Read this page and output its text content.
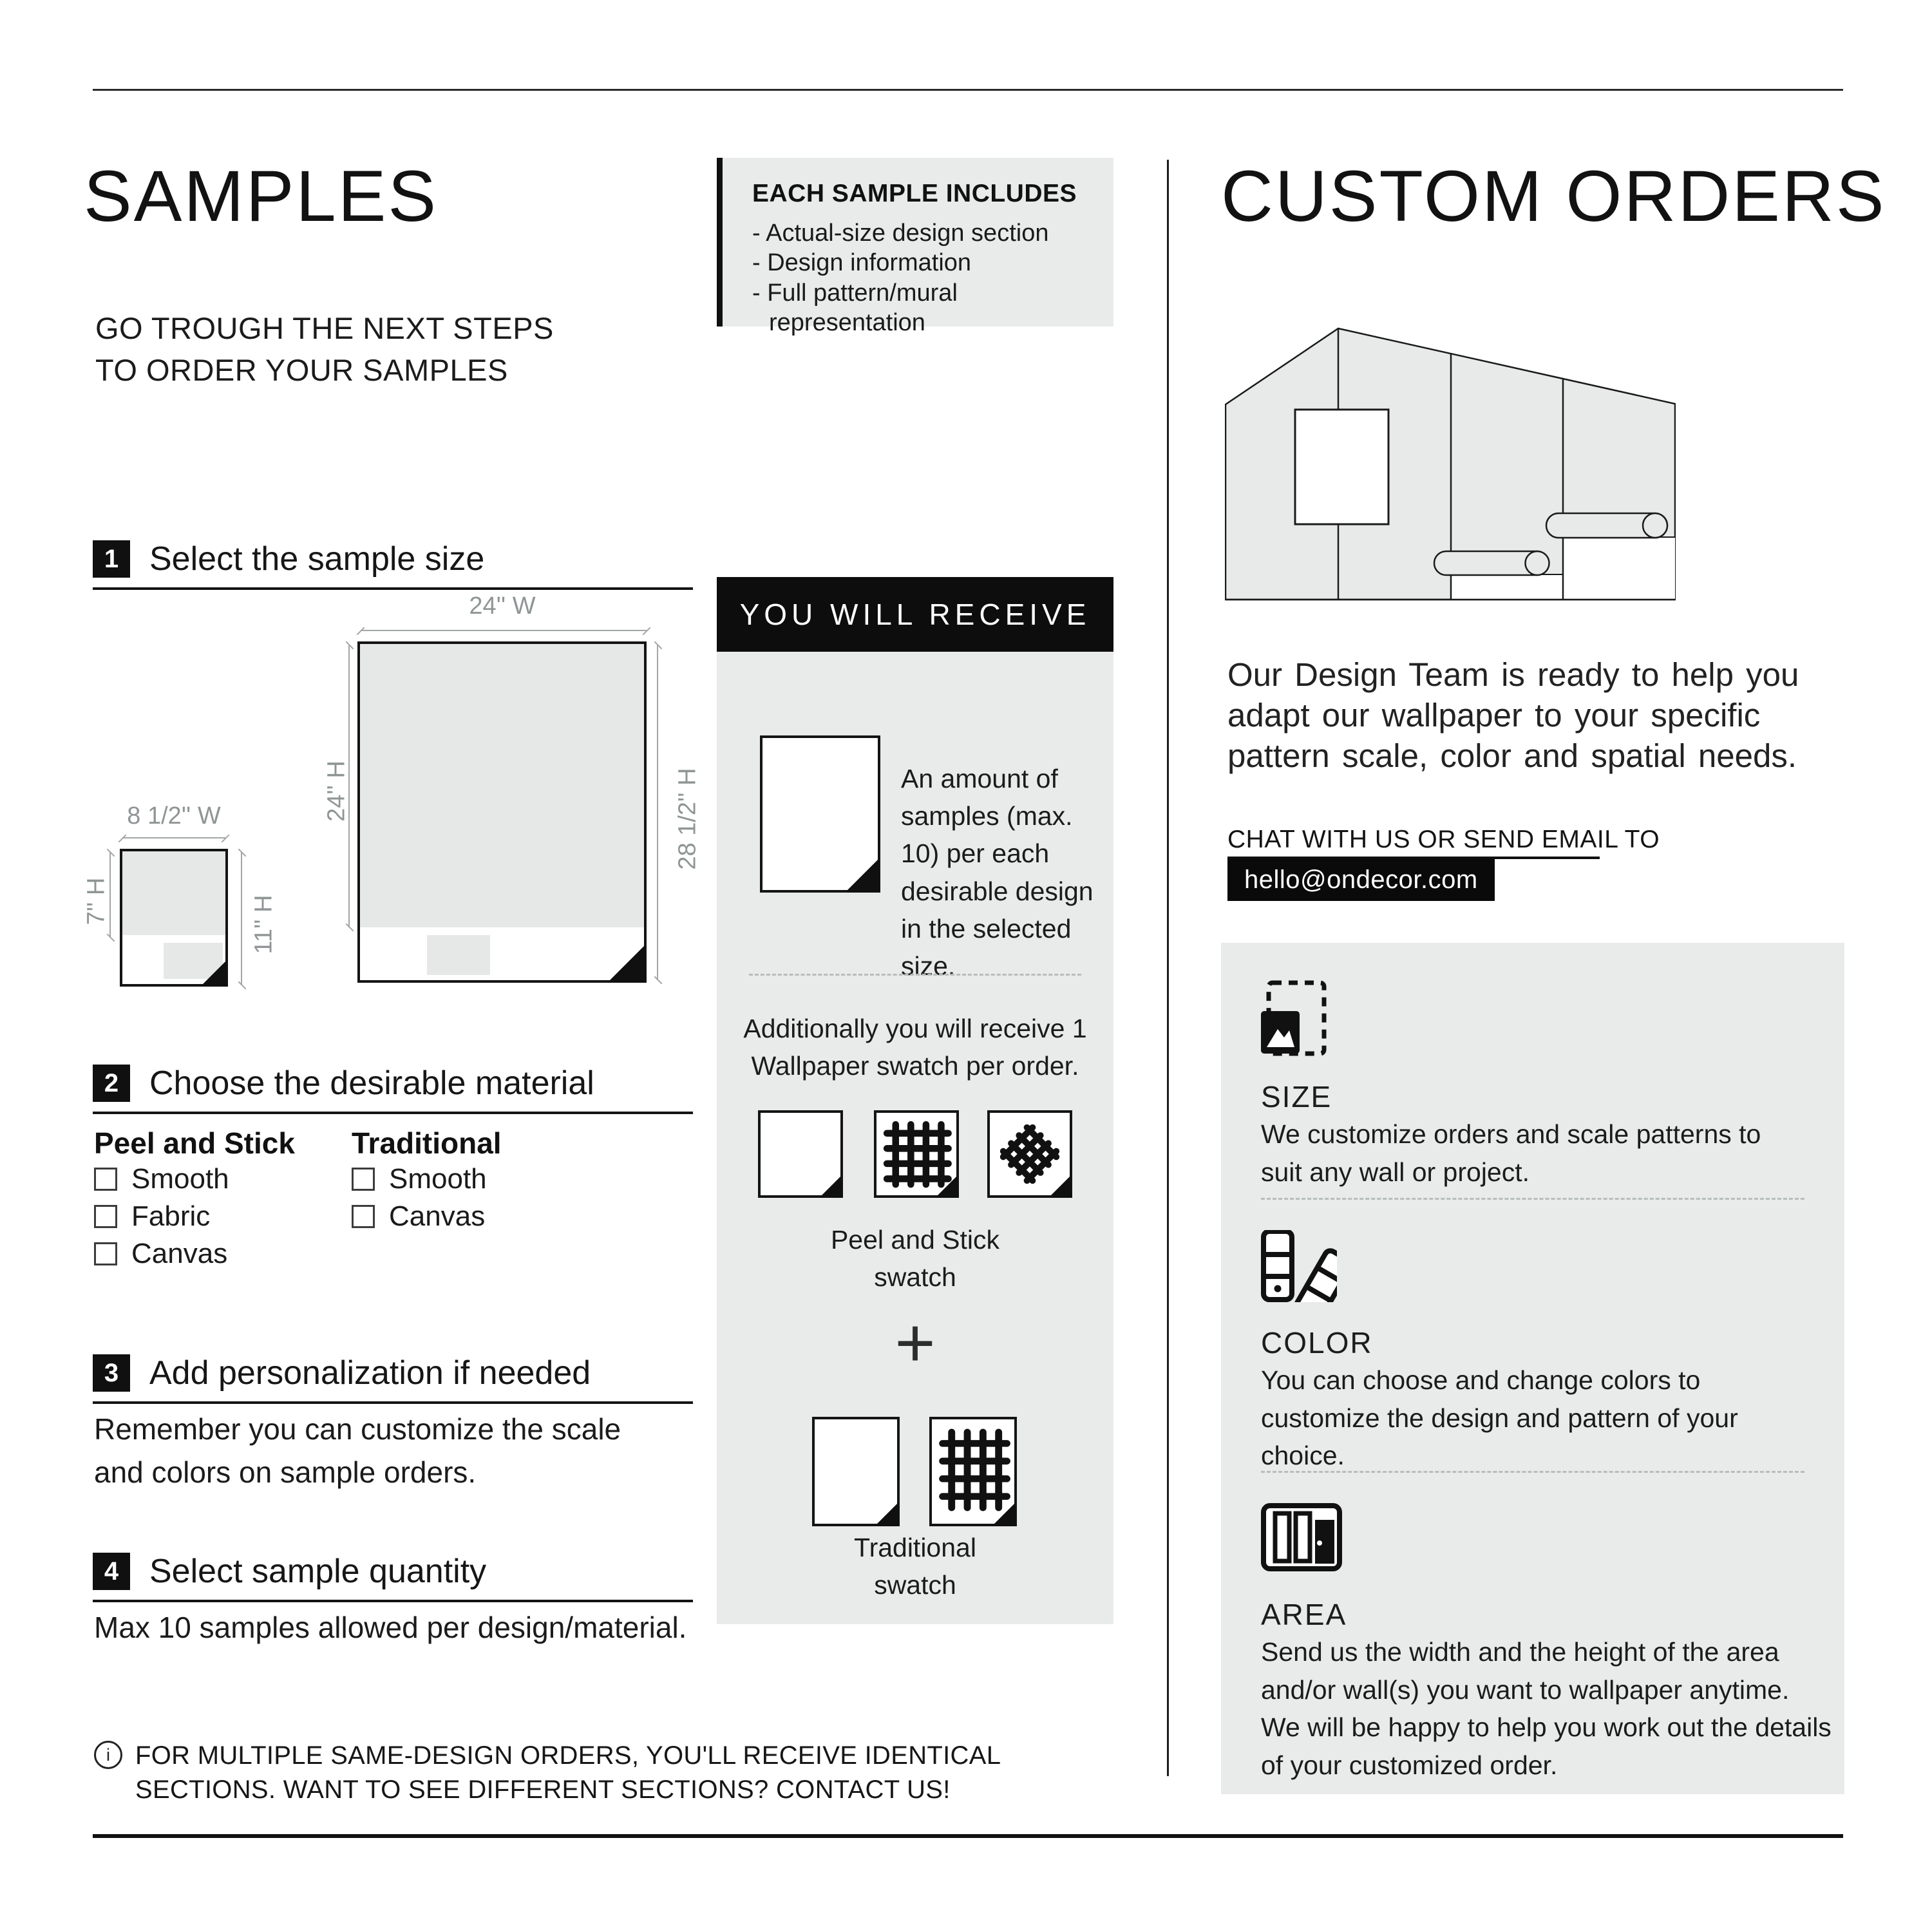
SAMPLES
GO TROUGH THE NEXT STEPS
TO ORDER YOUR SAMPLES
1 Select the sample size
24'' W
24'' H	28 1/2'' H
8 1/2'' W
7'' H	11'' H
2 Choose the desirable material
Peel and Stick Traditional
Smooth
Fabric
Canvas
Smooth
Canvas
3 Add personalization if needed
Remember you can customize the scale and colors on sample orders.
4 Select sample quantity
Max 10 samples allowed per design/material.
i
FOR MULTIPLE SAME-DESIGN ORDERS, YOU'LL RECEIVE IDENTICAL
SECTIONS. WANT TO SEE DIFFERENT SECTIONS? CONTACT US!
EACH SAMPLE INCLUDES
- Actual-size design section
- Design information
- Full pattern/mural representation
YOU WILL RECEIVE
An amount of samples (max. 10) per each desirable design in the selected size.
Additionally you will receive 1 Wallpaper swatch per order.
Peel and Stick swatch
+
Traditional swatch
CUSTOM ORDERS
Our Design Team is ready to help you adapt our wallpaper to your specific pattern scale, color and spatial needs.
CHAT WITH US OR SEND EMAIL TO
hello@ondecor.com
SIZE
We customize orders and scale patterns to suit any wall or project.
COLOR
You can choose and change colors to customize the design and pattern of your choice.
AREA
Send us the width and the height of the area and/or wall(s) you want to wallpaper anytime. We will be happy to help you work out the details of your customized order.
